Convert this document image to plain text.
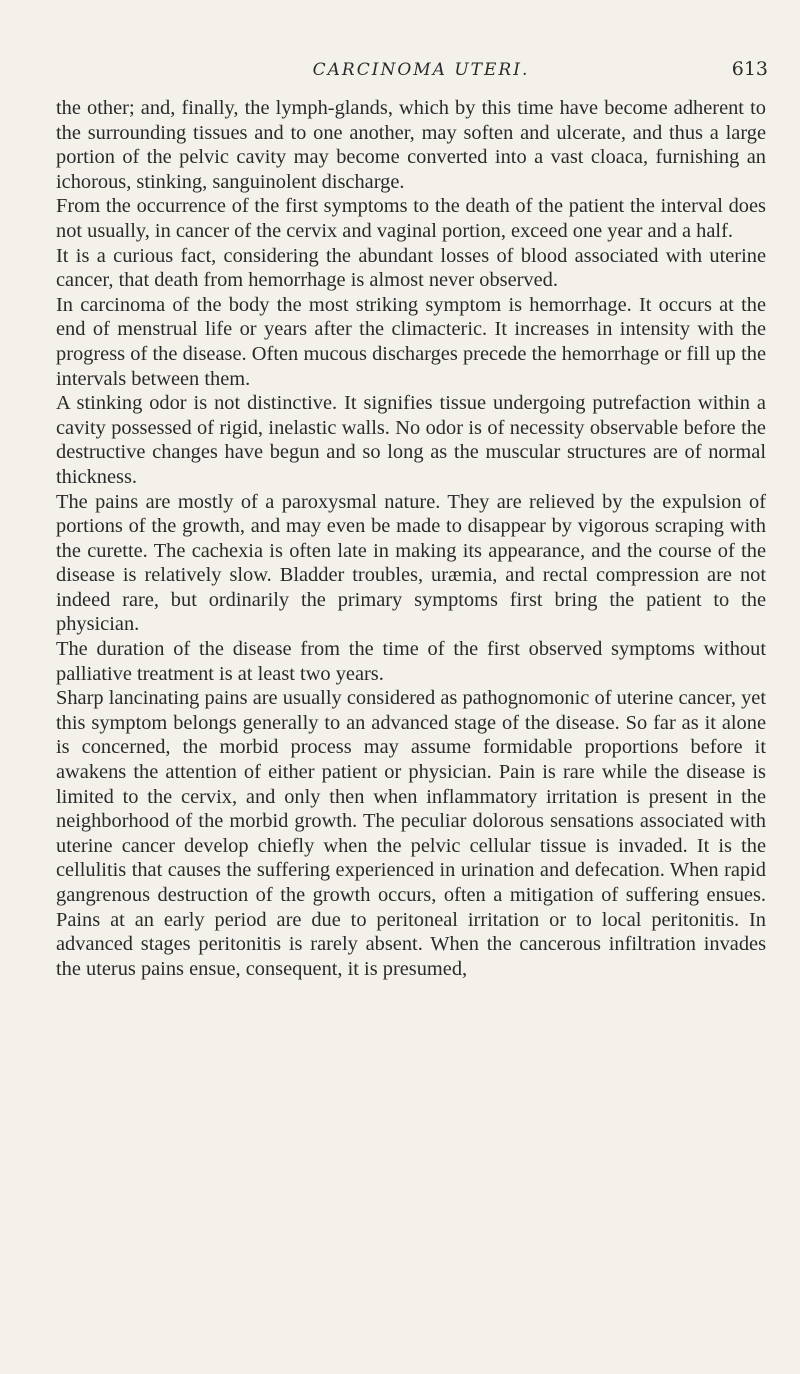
CARCINOMA UTERI.	613

the other; and, finally, the lymph-glands, which by this time have become adherent to the surrounding tissues and to one another, may soften and ulcerate, and thus a large portion of the pelvic cavity may become converted into a vast cloaca, furnishing an ichorous, stinking, sanguinolent discharge.

From the occurrence of the first symptoms to the death of the patient the interval does not usually, in cancer of the cervix and vaginal portion, exceed one year and a half.

It is a curious fact, considering the abundant losses of blood associated with uterine cancer, that death from hemorrhage is almost never observed.

In carcinoma of the body the most striking symptom is hemorrhage. It occurs at the end of menstrual life or years after the climacteric. It increases in intensity with the progress of the disease. Often mucous discharges precede the hemorrhage or fill up the intervals between them.

A stinking odor is not distinctive. It signifies tissue undergoing putrefaction within a cavity possessed of rigid, inelastic walls. No odor is of necessity observable before the destructive changes have begun and so long as the muscular structures are of normal thickness.

The pains are mostly of a paroxysmal nature. They are relieved by the expulsion of portions of the growth, and may even be made to disappear by vigorous scraping with the curette. The cachexia is often late in making its appearance, and the course of the disease is relatively slow. Bladder troubles, uræmia, and rectal compression are not indeed rare, but ordinarily the primary symptoms first bring the patient to the physician.

The duration of the disease from the time of the first observed symptoms without palliative treatment is at least two years.

Sharp lancinating pains are usually considered as pathognomonic of uterine cancer, yet this symptom belongs generally to an advanced stage of the disease. So far as it alone is concerned, the morbid process may assume formidable proportions before it awakens the attention of either patient or physician. Pain is rare while the disease is limited to the cervix, and only then when inflammatory irritation is present in the neighborhood of the morbid growth. The peculiar dolorous sensations associated with uterine cancer develop chiefly when the pelvic cellular tissue is invaded. It is the cellulitis that causes the suffering experienced in urination and defecation. When rapid gangrenous destruction of the growth occurs, often a mitigation of suffering ensues. Pains at an early period are due to peritoneal irritation or to local peritonitis. In advanced stages peritonitis is rarely absent. When the cancerous infiltration invades the uterus pains ensue, consequent, it is presumed,
